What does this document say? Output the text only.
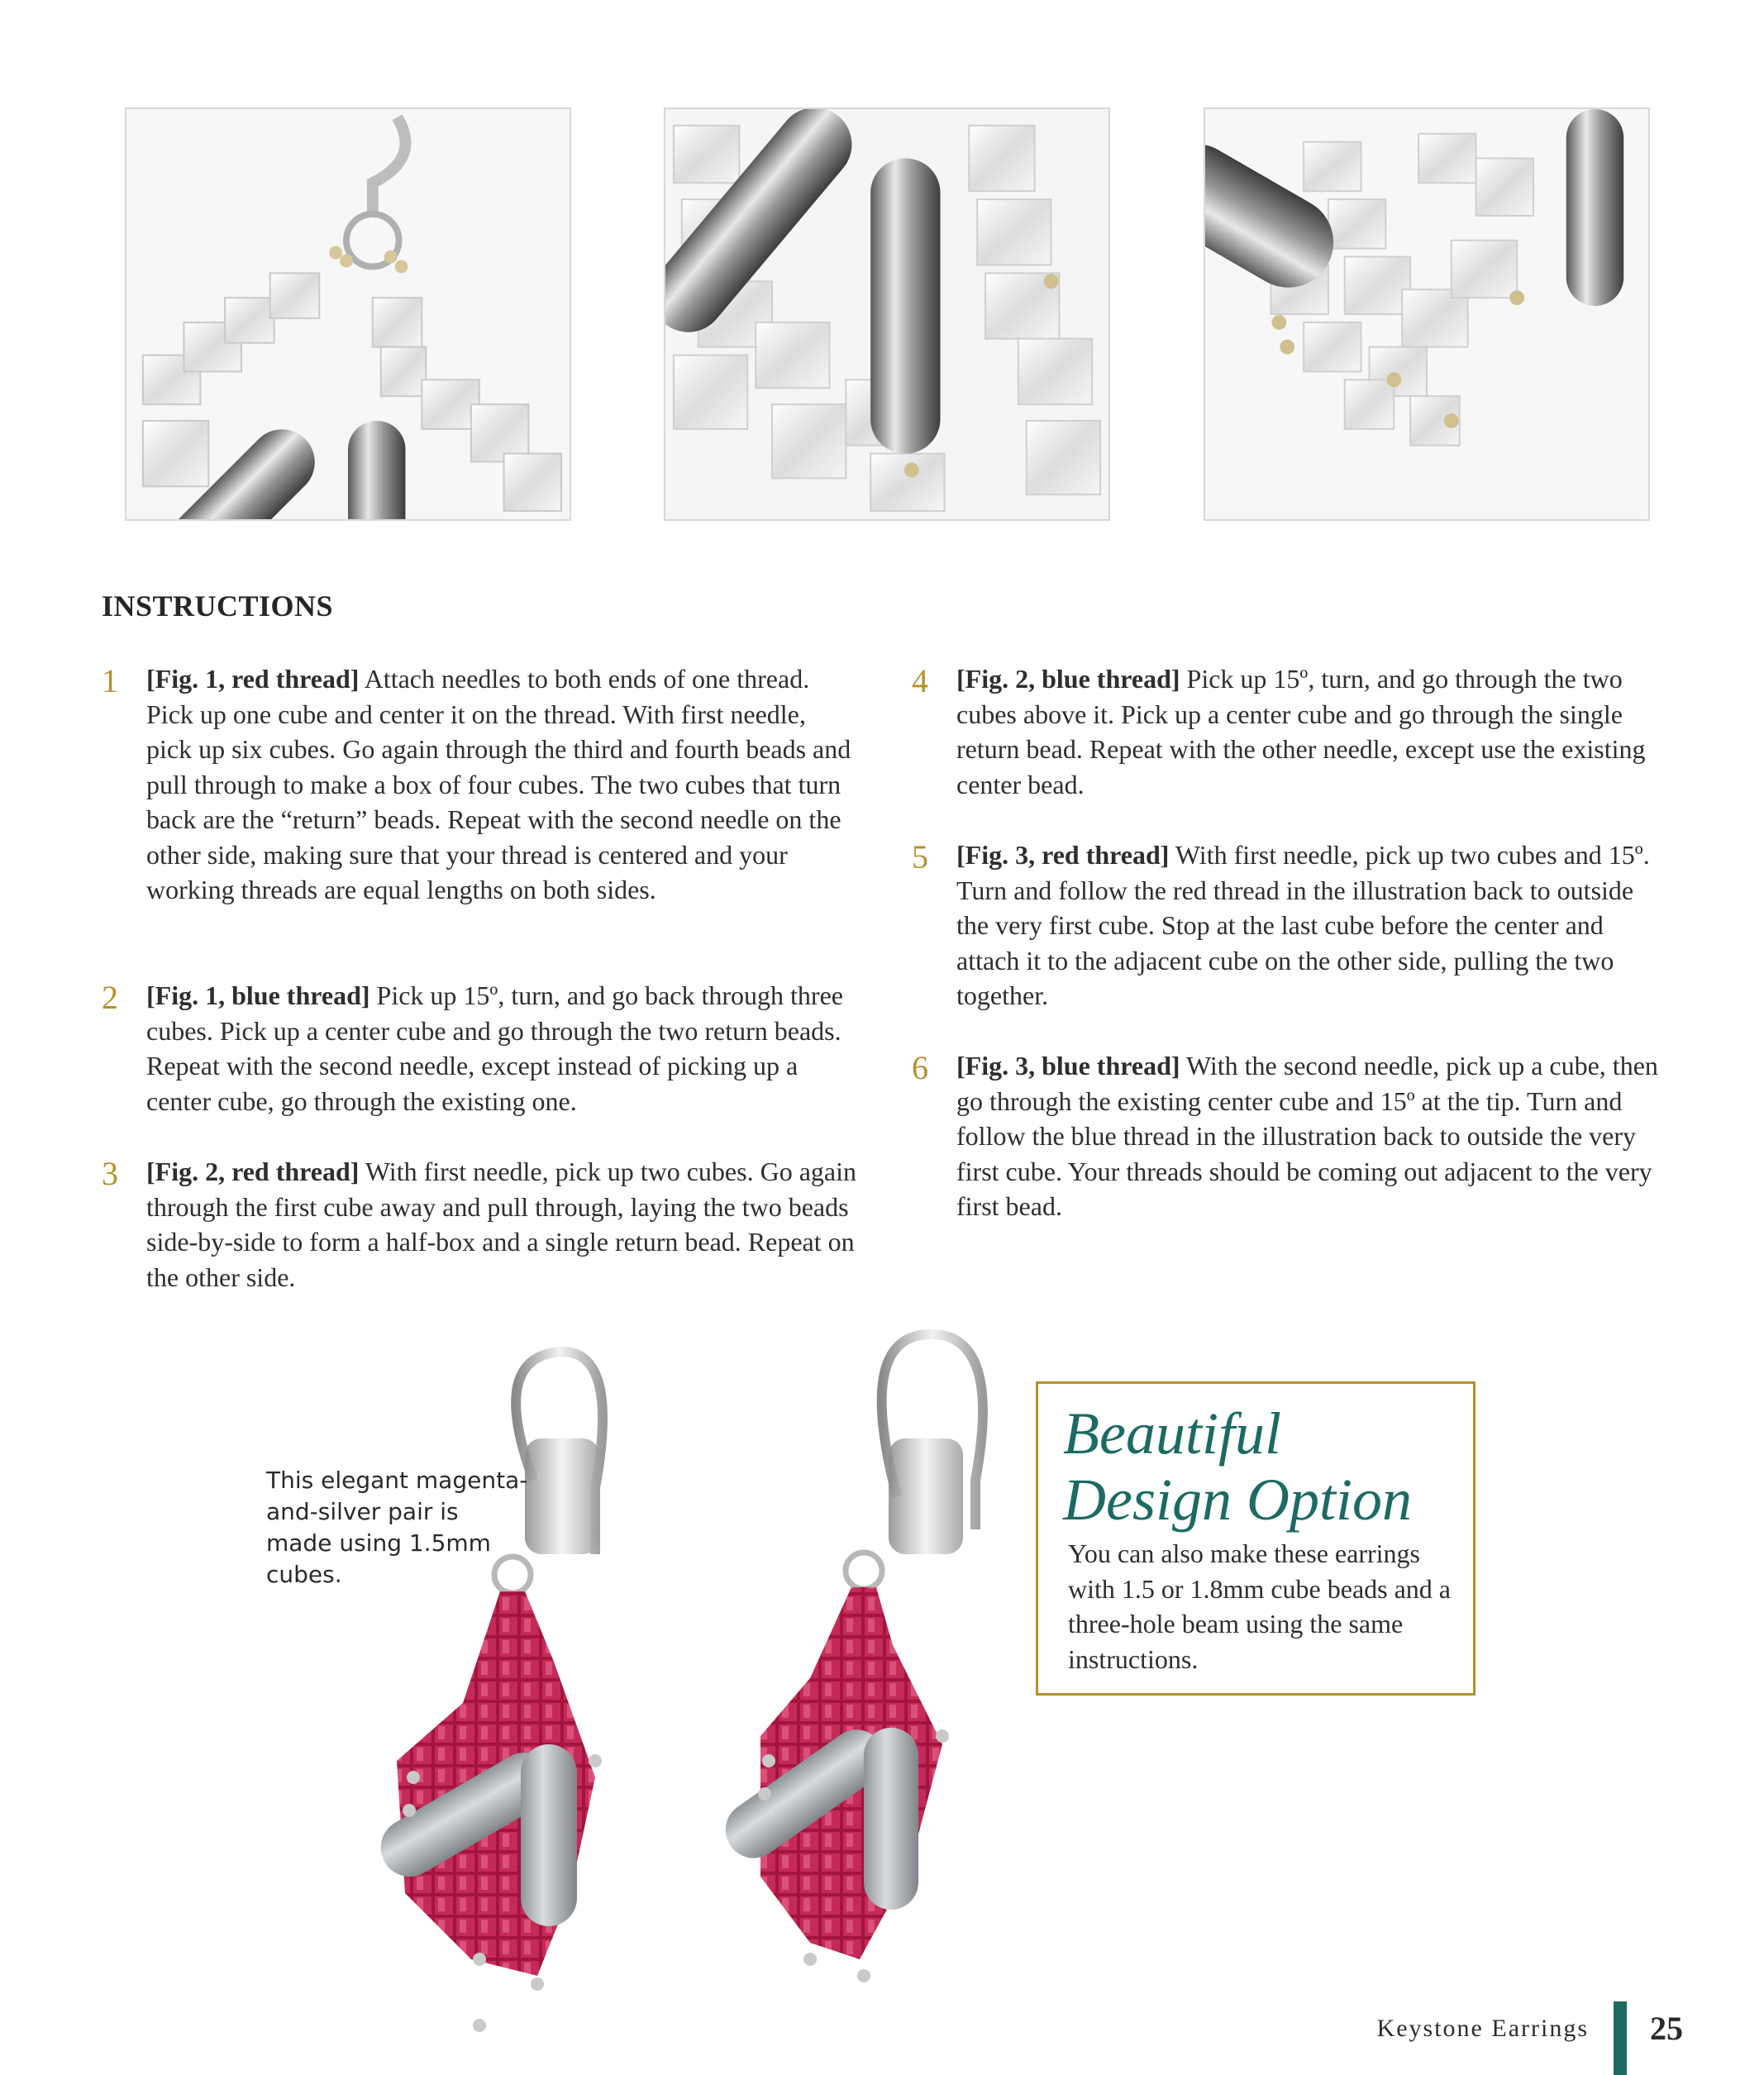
INSTRUCTIONS
1 [Fig. 1, red thread] Attach needles to both ends of one thread. Pick up one cube and center it on the thread. With first needle, pick up six cubes. Go again through the third and fourth beads and pull through to make a box of four cubes. The two cubes that turn back are the “return” beads. Repeat with the second needle on the other side, making sure that your thread is centered and your working threads are equal lengths on both sides.
2 [Fig. 1, blue thread] Pick up 15º, turn, and go back through three cubes. Pick up a center cube and go through the two return beads. Repeat with the second needle, except instead of picking up a center cube, go through the existing one.
3 [Fig. 2, red thread] With first needle, pick up two cubes. Go again through the first cube away and pull through, laying the two beads side-by-side to form a half-box and a single return bead. Repeat on the other side.
4 [Fig. 2, blue thread] Pick up 15º, turn, and go through the two cubes above it. Pick up a center cube and go through the single return bead. Repeat with the other needle, except use the existing center bead.
5 [Fig. 3, red thread] With first needle, pick up two cubes and 15º. Turn and follow the red thread in the illustration back to outside the very first cube. Stop at the last cube before the center and attach it to the adjacent cube on the other side, pulling the two together.
6 [Fig. 3, blue thread] With the second needle, pick up a cube, then go through the existing center cube and 15º at the tip. Turn and follow the blue thread in the illustration back to outside the very first cube. Your threads should be coming out adjacent to the very first bead.
This elegant magenta-and-silver pair is made using 1.5mm cubes.
Beautiful
Design Option
You can also make these earrings with 1.5 or 1.8mm cube beads and a three-hole beam using the same instructions.
Keystone Earrings 25
